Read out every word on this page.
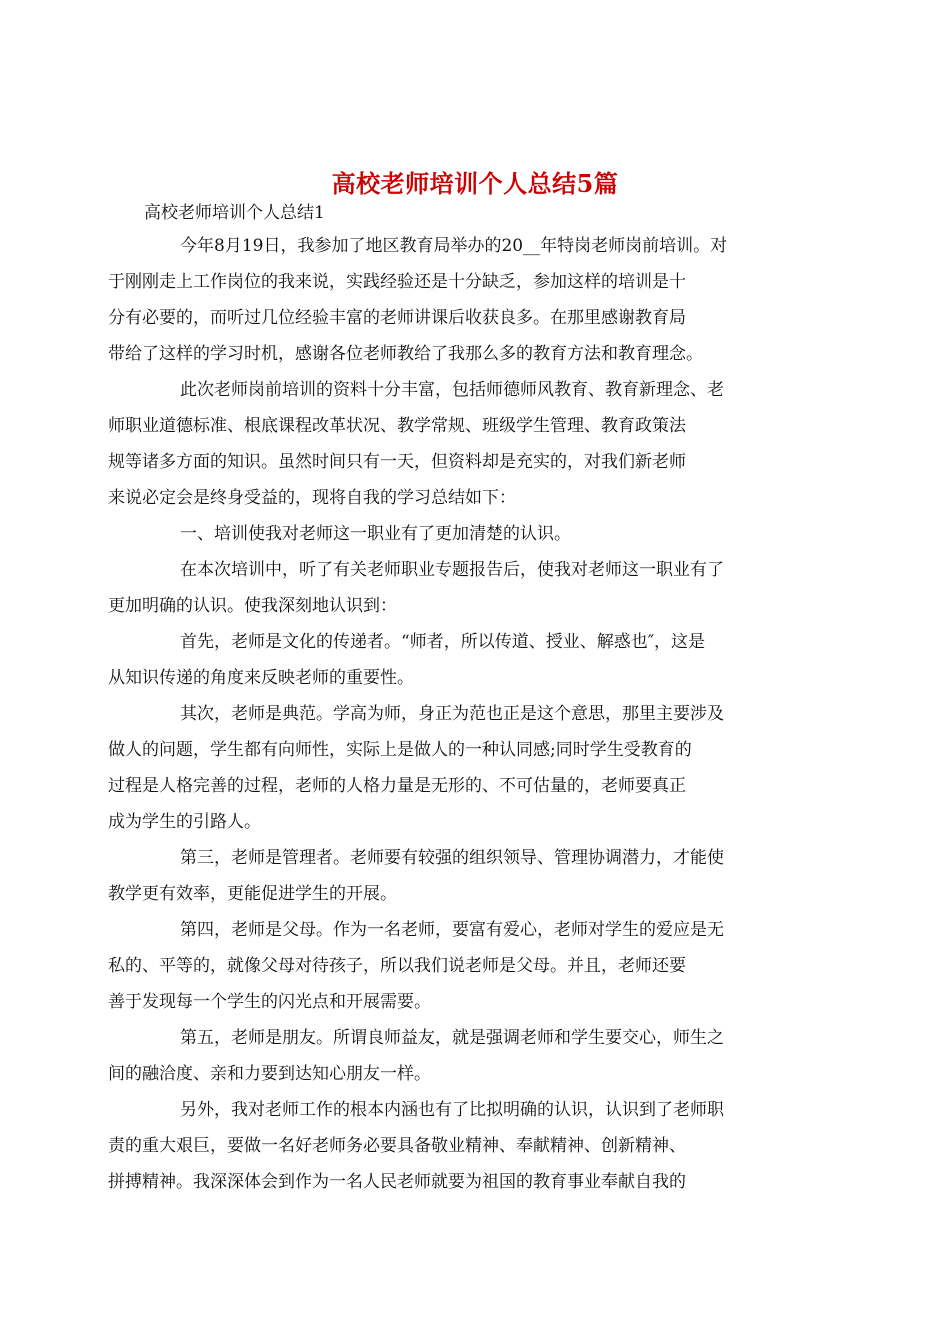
高校老师培训个人总结5篇
高校老师培训个人总结1

今年8月19日，我参加了地区教育局举办的20__年特岗老师岗前培训。对
于刚刚走上工作岗位的我来说，实践经验还是十分缺乏，参加这样的培训是十
分有必要的，而听过几位经验丰富的老师讲课后收获良多。在那里感谢教育局
带给了这样的学习时机，感谢各位老师教给了我那么多的教育方法和教育理念。

此次老师岗前培训的资料十分丰富，包括师德师风教育、教育新理念、老
师职业道德标准、根底课程改革状况、教学常规、班级学生管理、教育政策法
规等诸多方面的知识。虽然时间只有一天，但资料却是充实的，对我们新老师
来说必定会是终身受益的，现将自我的学习总结如下：

一、培训使我对老师这一职业有了更加清楚的认识。

在本次培训中，听了有关老师职业专题报告后，使我对老师这一职业有了
更加明确的认识。使我深刻地认识到：

首先，老师是文化的传递者。“师者，所以传道、授业、解惑也″，这是
从知识传递的角度来反映老师的重要性。

其次，老师是典范。学高为师，身正为范也正是这个意思，那里主要涉及
做人的问题，学生都有向师性，实际上是做人的一种认同感;同时学生受教育的
过程是人格完善的过程，老师的人格力量是无形的、不可估量的，老师要真正
成为学生的引路人。

第三，老师是管理者。老师要有较强的组织领导、管理协调潜力，才能使
教学更有效率，更能促进学生的开展。

第四，老师是父母。作为一名老师，要富有爱心，老师对学生的爱应是无
私的、平等的，就像父母对待孩子，所以我们说老师是父母。并且，老师还要
善于发现每一个学生的闪光点和开展需要。

第五，老师是朋友。所谓良师益友，就是强调老师和学生要交心，师生之
间的融洽度、亲和力要到达知心朋友一样。

另外，我对老师工作的根本内涵也有了比拟明确的认识，认识到了老师职
责的重大艰巨，要做一名好老师务必要具备敬业精神、奉献精神、创新精神、
拼搏精神。我深深体会到作为一名人民老师就要为祖国的教育事业奉献自我的
